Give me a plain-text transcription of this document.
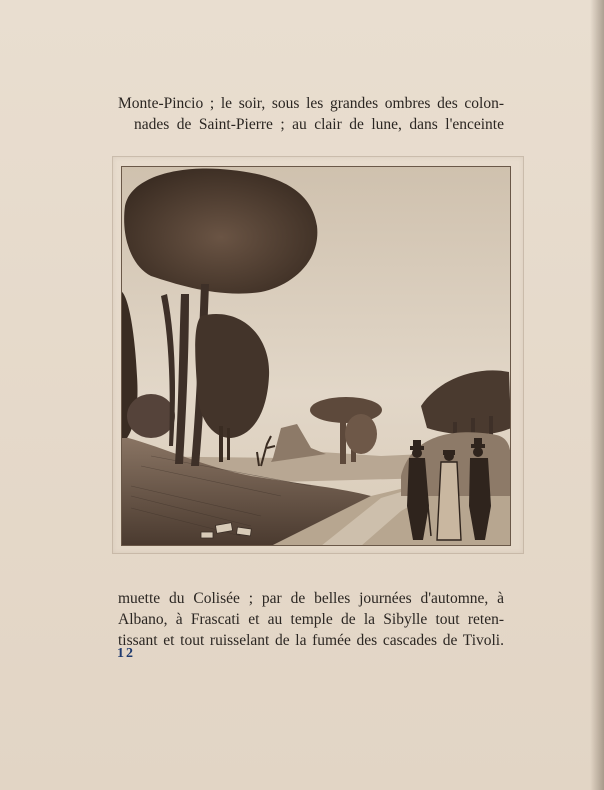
Monte-Pincio ; le soir, sous les grandes ombres des colon-
nades de Saint-Pierre ; au clair de lune, dans l'enceinte
muette du Colisée ; par de belles journées d'automne, à
Albano, à Frascati et au temple de la Sibylle tout reten-
tissant et tout ruisselant de la fumée des cascades de Tivoli.
12
